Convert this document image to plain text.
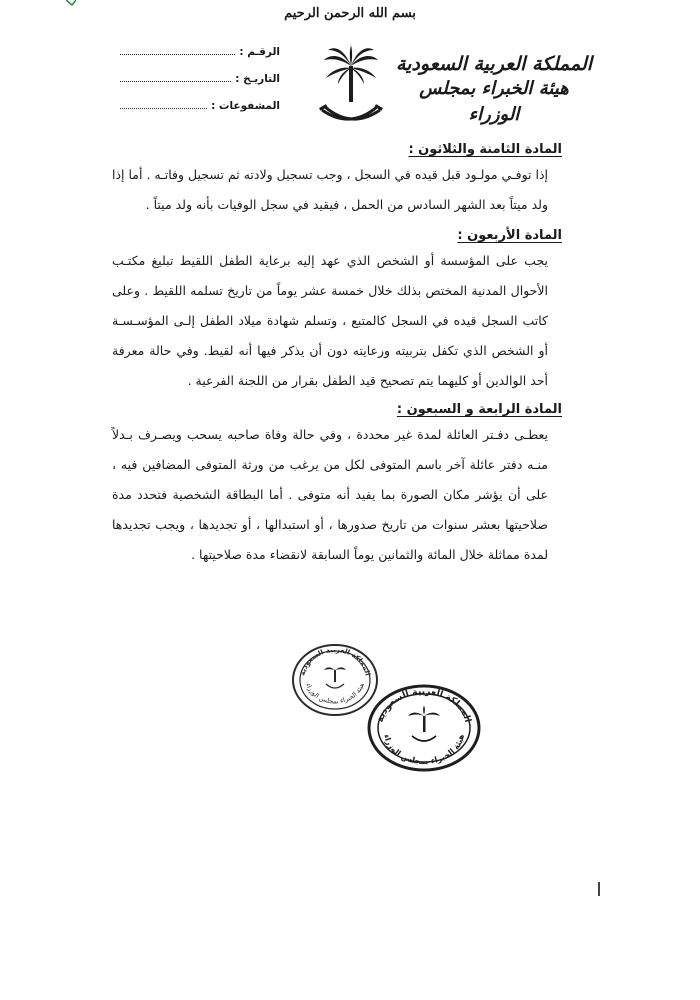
بسم الله الرحمن الرحيم
المملكة العربية السعودية
هيئة الخبراء بمجلس الوزراء
الرقـم :
التاريـخ :
المشفوعات :
المادة الثامنة والثلاثون :

إذا توفـي مولـود قبل قيده في السجل ، وجب تسجيل ولادته ثم تسجيل وفاتـه . أما إذا ولد ميتاً بعد الشهر السادس من الحمل ، فيقيد في سجل الوفيات بأنه ولد ميتاً .

المادة الأربعون :

يجب على المؤسسة أو الشخص الذي عهد إليه برعاية الطفل اللقيط تبليغ مكتـب الأحوال المدنية المختص بذلك خلال خمسة عشر يوماً من تاريخ تسلمه اللقيط . وعلى كاتب السجل قيده في السجل كالمتبع ، وتسلم شهادة ميلاد الطفل إلـى المؤسـسـة أو الشخص الذي تكفل بتربيته ورعايته دون أن يذكر فيها أنه لقيط. وفي حالة معرفة أحد الوالدين أو كليهما يتم تصحيح قيد الطفل بقرار من اللجنة الفرعية .

المادة الرابعة و السبعون :

يعطـى دفـتر العائلة لمدة غير محددة ، وفي حالة وفاة صاحبه يسحب ويصـرف بـدلاً منـه دفتر عائلة آخر باسم المتوفى لكل من يرغب من ورثة المتوفى المضافين فيه ، على أن يؤشر مكان الصورة بما يفيد أنه متوفى . أما البطاقة الشخصية فتحدد مدة صلاحيتها بعشر سنوات من تاريخ صدورها ، أو استبدالها ، أو تجديدها ، ويجب تجديدها لمدة مماثلة خلال المائة والثمانين يوماً السابقة لانقضاء مدة صلاحيتها .

المملكة العربية السعودية
هيئة الخبراء بمجلس الوزراء
المملكة العربية السعودية
هيئة الخبراء بمجلس الوزراء
